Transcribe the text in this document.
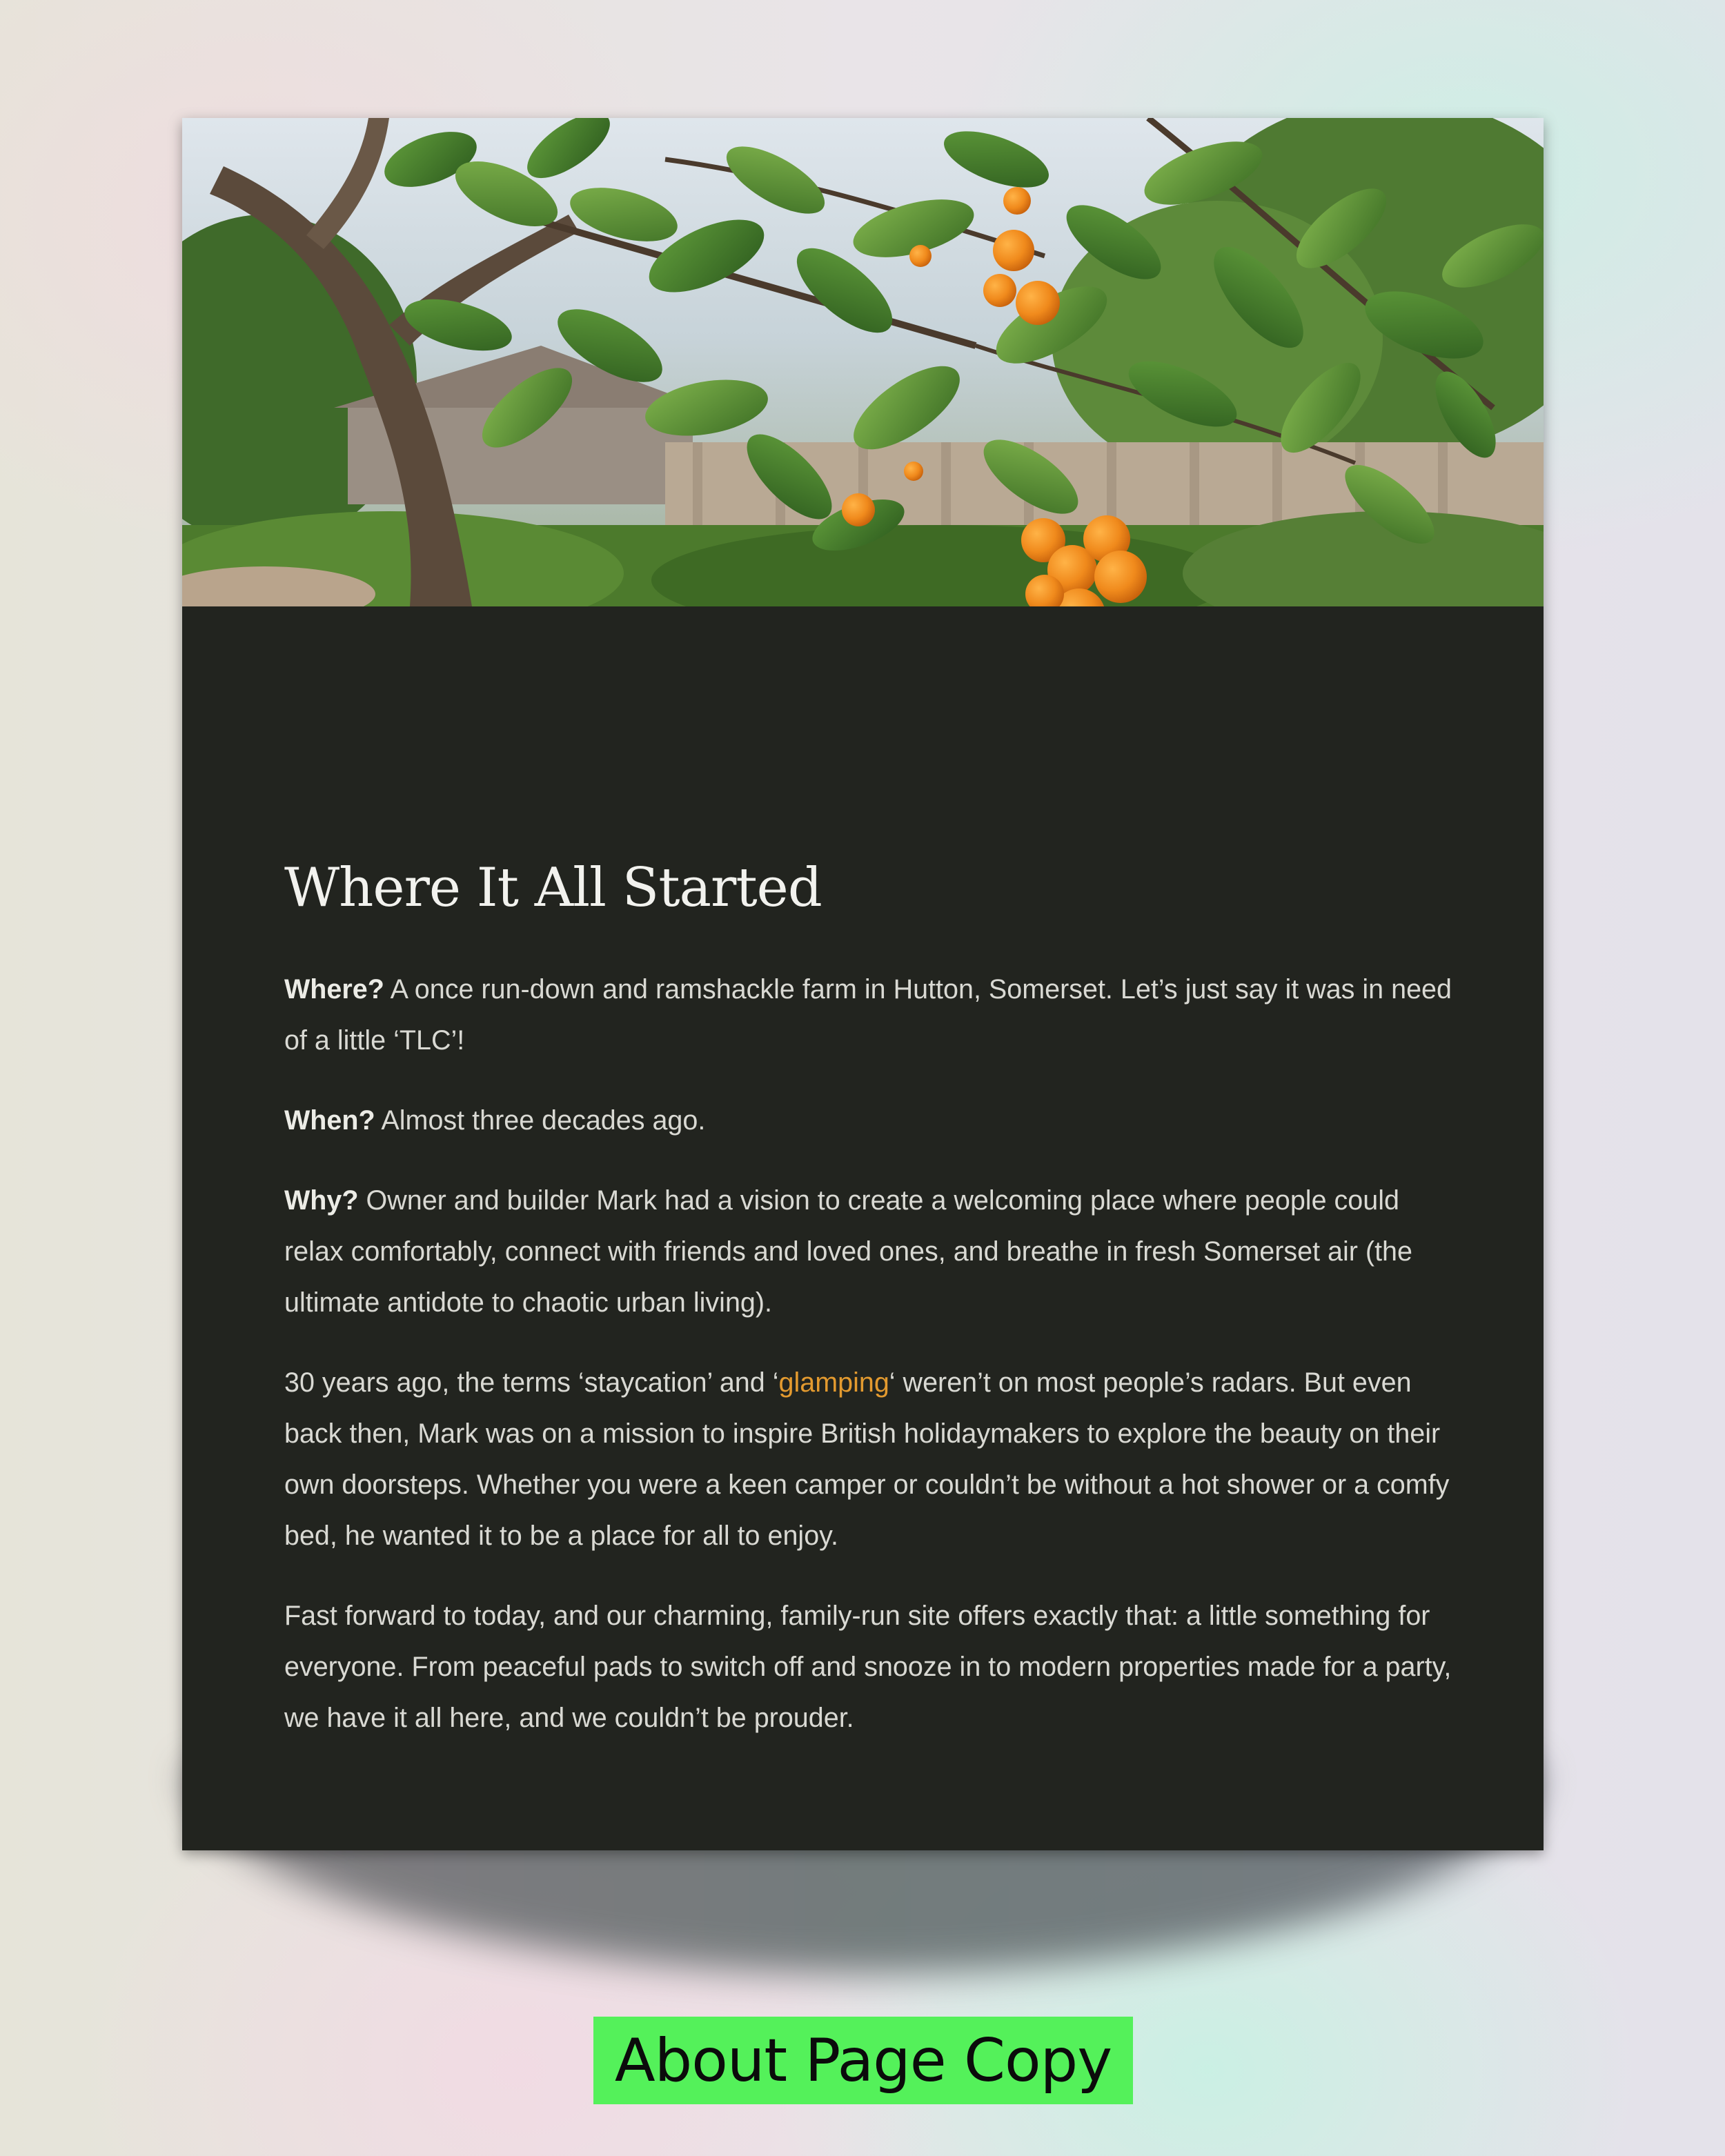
Where It All Started

Where? A once run-down and ramshackle farm in Hutton, Somerset. Let’s just say it was in need of a little ‘TLC’!

When? Almost three decades ago.

Why? Owner and builder Mark had a vision to create a welcoming place where people could relax comfortably, connect with friends and loved ones, and breathe in fresh Somerset air (the ultimate antidote to chaotic urban living).

30 years ago, the terms ‘staycation’ and ‘glamping‘ weren’t on most people’s radars. But even back then, Mark was on a mission to inspire British holidaymakers to explore the beauty on their own doorsteps. Whether you were a keen camper or couldn’t be without a hot shower or a comfy bed, he wanted it to be a place for all to enjoy.

Fast forward to today, and our charming, family-run site offers exactly that: a little something for everyone. From peaceful pads to switch off and snooze in to modern properties made for a party, we have it all here, and we couldn’t be prouder.

About Page Copy
